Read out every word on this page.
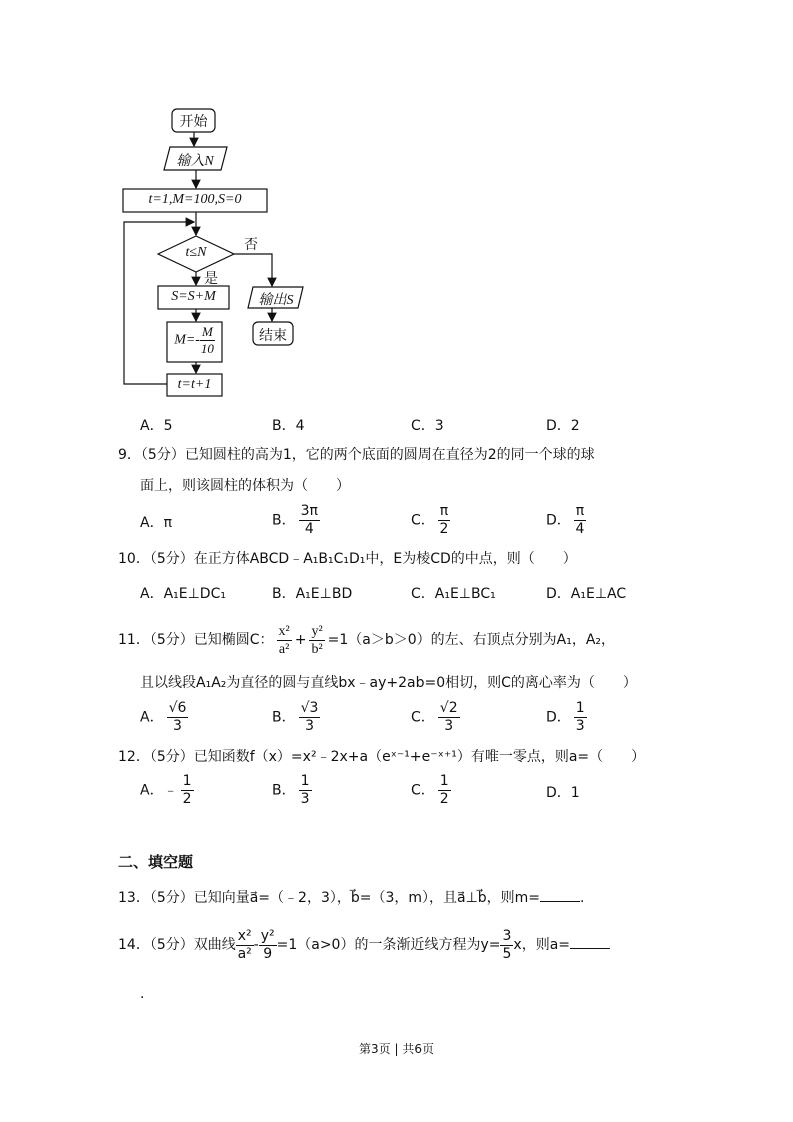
开始
输入N
t=1,M=100,S=0
t≤N	否
是
S=S+M
$M=- \frac{M}{10}$
t=t+1
输出S
结束
A．5	B．4	C．3	D．2
9．（5分）已知圆柱的高为1，它的两个底面的圆周在直径为2的同一个球的球
面上，则该圆柱的体积为（　　）
A．π	B． $\frac{3\pi}{4}$	C． $\frac{\pi}{2}$	D． $\frac{\pi}{4}$
10．（5分）在正方体ABCD﹣A₁B₁C₁D₁中，E为棱CD的中点，则（　　）
A．A₁E⊥DC₁	B．A₁E⊥BD	C．A₁E⊥BC₁	D．A₁E⊥AC
11．（5分）已知椭圆C： $\frac{\text{x²}}{\text{a²}} + \frac{\text{y²}}{\text{b²}} =1(a>b>0)$的左、右顶点分别为A₁，A₂，
且以线段A₁A₂为直径的圆与直线bx﹣ay+2ab=0相切，则C的离心率为（　　）
A． $\frac{√6}{3}$	B． $\frac{√3}{3}$	C． $\frac{√2}{3}$	D． $\frac{1}{3}$
12．（5分）已知函数f（x）=x²﹣2x+a（eˣ⁻¹+e⁻ˣ⁺¹）有唯一零点，则a=（　　）
A．﹣ $\frac{1}{2}$	B． $\frac{1}{3}$	C． $\frac{1}{2}$	D．1
二、填空题
13．（5分）已知向量a⃗=（﹣2，3），b⃗=（3，m），且a⃗⊥b⃗，则m=	.
14．（5分）双曲线 $\frac{\text{x²}}{\text{a²}} - \frac{\text{y²}}{9} =1(a>0)$的一条渐近线方程为$y= \frac{3}{5}$ x，则a=
.
第3页 | 共6页
